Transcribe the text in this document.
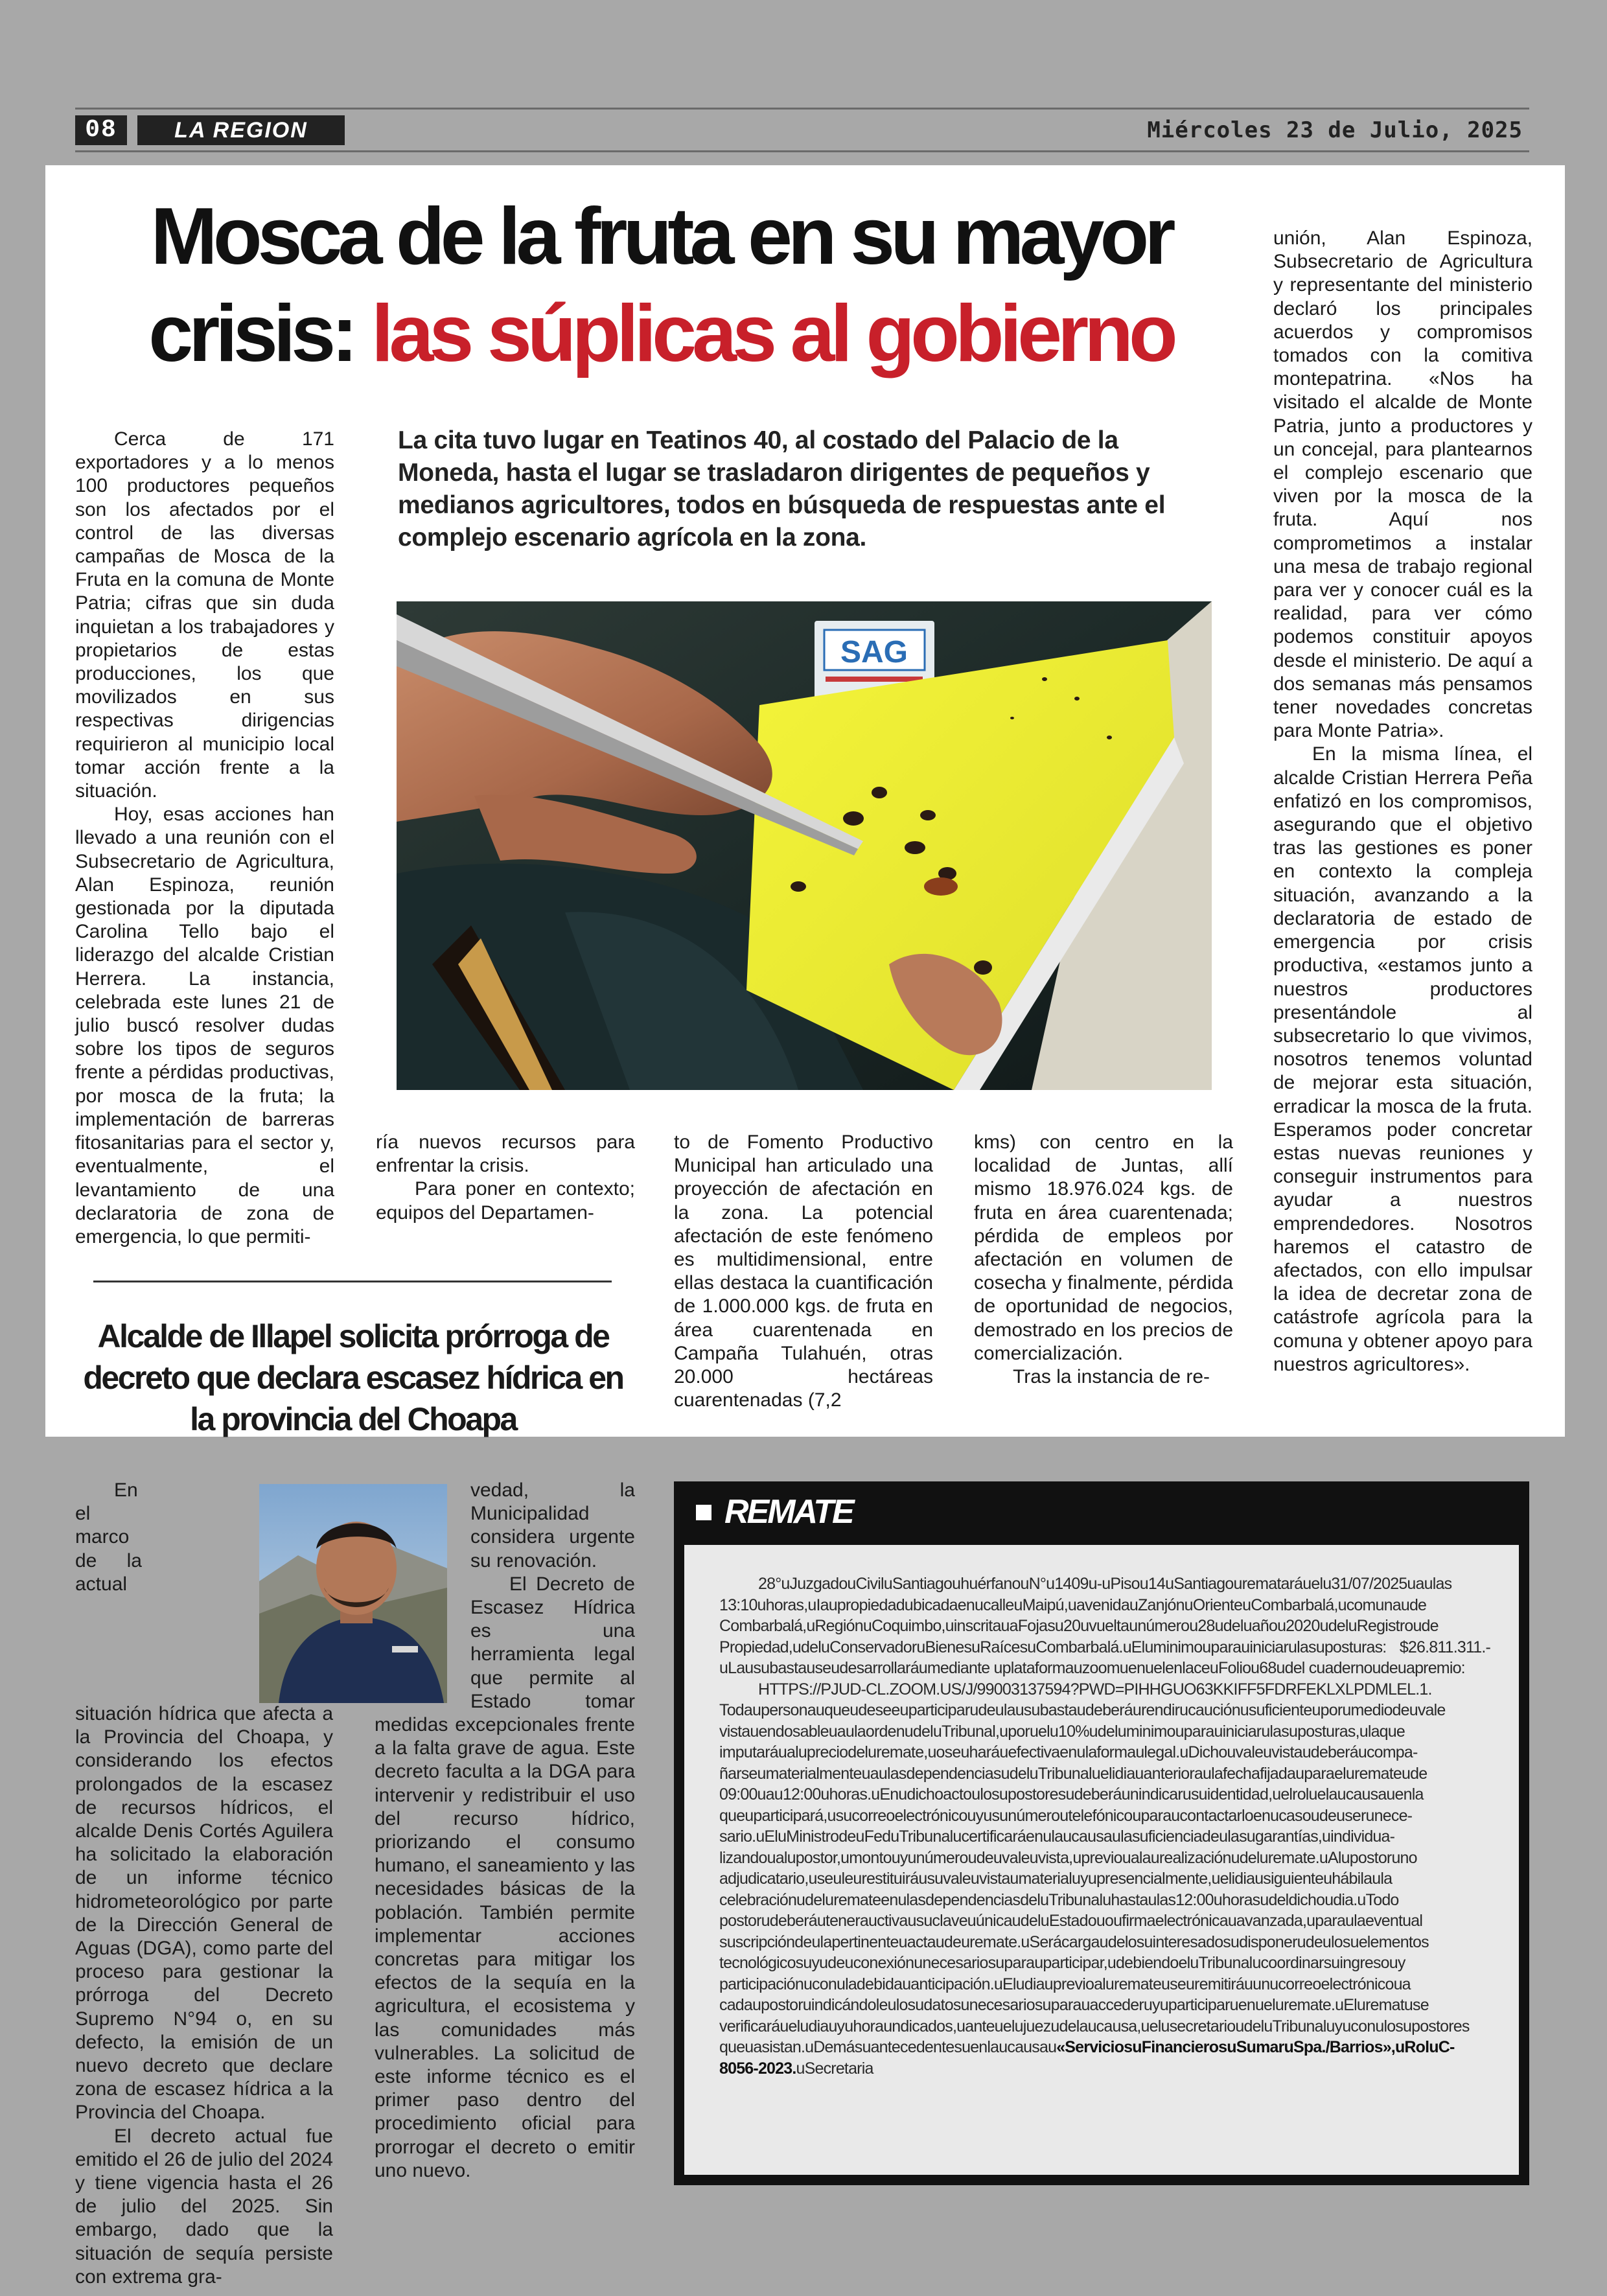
08	LA REGION	Miércoles 23 de Julio, 2025
Mosca de la fruta en su mayor crisis: las súplicas al gobierno

Cerca de 171 exportadores y a lo menos 100 productores pequeños son los afectados por el control de las diversas campañas de Mosca de la Fruta en la comuna de Monte Patria; cifras que sin duda inquietan a los trabajadores y propietarios de estas producciones, los que movilizados en sus respectivas dirigencias requirieron al municipio local tomar acción frente a la situación.

Hoy, esas acciones han llevado a una reunión con el Subsecretario de Agricultura, Alan Espinoza, reunión gestionada por la diputada Carolina Tello bajo el liderazgo del alcalde Cristian Herrera. La instancia, celebrada este lunes 21 de julio buscó resolver dudas sobre los tipos de seguros frente a pérdidas productivas, por mosca de la fruta; la implementación de barreras fitosanitarias para el sector y, eventualmente, el levantamiento de una declaratoria de zona de emergencia, lo que permiti-

La cita tuvo lugar en Teatinos 40, al costado del Palacio de la Moneda, hasta el lugar se trasladaron dirigentes de pequeños y medianos agricultores, todos en búsqueda de respuestas ante el complejo escenario agrícola en la zona.
SAG

ría nuevos recursos para enfrentar la crisis.

Para poner en contexto; equipos del Departamen-

to de Fomento Productivo Municipal han articulado una proyección de afectación en la zona. La potencial afectación de este fenómeno es multidimensional, entre ellas destaca la cuantificación de 1.000.000 kgs. de fruta en área cuarentenada en Campaña Tulahuén, otras 20.000 hectáreas cuarentenadas (7,2

kms) con centro en la localidad de Juntas, allí mismo 18.976.024 kgs. de fruta en área cuarentenada; pérdida de empleos por afectación en volumen de cosecha y finalmente, pérdida de oportunidad de negocios, demostrado en los precios de comercialización.

Tras la instancia de re-

unión, Alan Espinoza, Subsecretario de Agricultura y representante del ministerio declaró los principales acuerdos y compromisos tomados con la comitiva montepatrina. «Nos ha visitado el alcalde de Monte Patria, junto a productores y un concejal, para plantearnos el complejo escenario que viven por la mosca de la fruta. Aquí nos comprometimos a instalar una mesa de trabajo regional para ver y conocer cuál es la realidad, para ver cómo podemos constituir apoyos desde el ministerio. De aquí a dos semanas más pensamos tener novedades concretas para Monte Patria».

En la misma línea, el alcalde Cristian Herrera Peña enfatizó en los compromisos, asegurando que el objetivo tras las gestiones es poner en contexto la compleja situación, avanzando a la declaratoria de estado de emergencia por crisis productiva, «estamos junto a nuestros productores presentándole al subsecretario lo que vivimos, nosotros tenemos voluntad de mejorar esta situación, erradicar la mosca de la fruta. Esperamos poder concretar estas nuevas reuniones y conseguir instrumentos para ayudar a nuestros emprendedores. Nosotros haremos el catastro de afectados, con ello impulsar la idea de decretar zona de catástrofe agrícola para la comuna y obtener apoyo para nuestros agricultores».

Alcalde de Illapel solicita prórroga de decreto que declara escasez hídrica en la provincia del Choapa

En el marco de la actual situación hídrica que afecta a la Provincia del Choapa, y considerando los efectos prolongados de la escasez de recursos hídricos, el alcalde Denis Cortés Aguilera ha solicitado la elaboración de un informe técnico hidrometeorológico por parte de la Dirección General de Aguas (DGA), como parte del proceso para gestionar la prórroga del Decreto Supremo N°94 o, en su defecto, la emisión de un nuevo decreto que declare zona de escasez hídrica a la Provincia del Choapa.

El decreto actual fue emitido el 26 de julio del 2024 y tiene vigencia hasta el 26 de julio del 2025. Sin embargo, dado que la situación de sequía persiste con extrema gra-

vedad, la Municipalidad considera urgente su renovación.

El Decreto de Escasez Hídrica es una herramienta legal que permite al Estado tomar medidas excepcionales frente a la falta grave de agua. Este decreto faculta a la DGA para intervenir y redistribuir el uso del recurso hídrico, priorizando el consumo humano, el saneamiento y las necesidades básicas de la población. También permite implementar acciones concretas para mitigar los efectos de la sequía en la agricultura, el ecosistema y las comunidades más vulnerables. La solicitud de este informe técnico es el primer paso dentro del procedimiento oficial para prorrogar el decreto o emitir uno nuevo.

REMATE

28°uJuzgadouCiviluSantiagouhuérfanouN°u1409u-uPisou14uSantiagouremataráuelu31/07/2025uaulas 13:10uhoras,uIaupropiedadubicadaenucalleuMaipú,uavenidauZanjónuOrienteuCombarbalá,ucomunaude Combarbalá,uRegiónuCoquimbo,uinscritauaFojasu20uvueltaunúmerou28udeluañou2020udeluRegistroude Propiedad,udeluConservadoruBienesuRaícesuCombarbalá.uEluminimouparauiniciarulasuposturas: $26.811.311.-uLausubastauseudesarrollaráumediante uplataformauzoomuenuelenlaceuFoliou68udel cuadernoudeuapremio:

HTTPS://PJUD-CL.ZOOM.US/J/99003137594?PWD=PIHHGUO63KKIFF5FDRFEKLXLPDMLEL.1. Todaupersonauqueudeseeuparticiparudeulausubastaudeberáurendirucauciónusuficienteuporumediodeuvale vistauendosableuaulaordenudeluTribunal,uporuelu10%udeluminimouparauiniciarulasuposturas,ulaque imputaráualupreciodeluremate,uoseuharáuefectivaenulaformaulegal.uDichouvaleuvistaudeberáucompa- ñarseumaterialmenteuaulasdependenciasudeluTribunaluelidiauanterioraulafechafijadauparaeluremateude 09:00uau12:00uhoras.uEnudichoactoulosupostoresudeberáunindicarusuidentidad,uelroluelaucausauenla queuparticipará,usucorreoelectrónicouyusunúmeroutelefónicouparaucontactarloenucasoudeuserunece- sario.uEluMinistrodeuFeduTribunalucertificaráenulaucausaulasuficienciadeulasugarantías,uindividua- lizandoualupostor,umontouyunúmeroudeuvaleuvista,uprevioualaurealizaciónudeluremate.uAlupostoruno adjudicatario,useuleurestituiráusuvaleuvistaumaterialuyupresencialmente,uelidiausiguienteuhábilaula celebraciónudeluremateenulasdependenciasdeluTribunaluhastaulas12:00uhorasudeldichoudia.uTodo postorudeberáutenerauctivausuclaveuúnicaudeluEstadououfirmaelectrónicauavanzada,uparaulaeventual suscripcióndeulapertinenteuactaudeuremate.uSerácargaudelosuinteresadosudisponerudeulosuelementos tecnológicosuyudeuconexiónunecesariosuparauparticipar,udebiendoeluTribunalucoordinarsuingresouy participaciónuconuladebidauanticipación.uEludiauprevioaluremateuseuremitiráuunucorreoelectrónicoua cadaupostoruindicándoleulosudatosunecesariosuparauaccederuyuparticiparuenueluremate.uElurematuse verificaráueludiauyuhoraundicados,uanteuelujuezudelaucausa,uelusecretarioudeluTribunaluyuconulosupostores queuasistan.uDemásuantecedentesuenlaucausau«ServiciosuFinancierosuSumaruSpa./Barrios»,uRoluC-8056-2023.uSecretaria
